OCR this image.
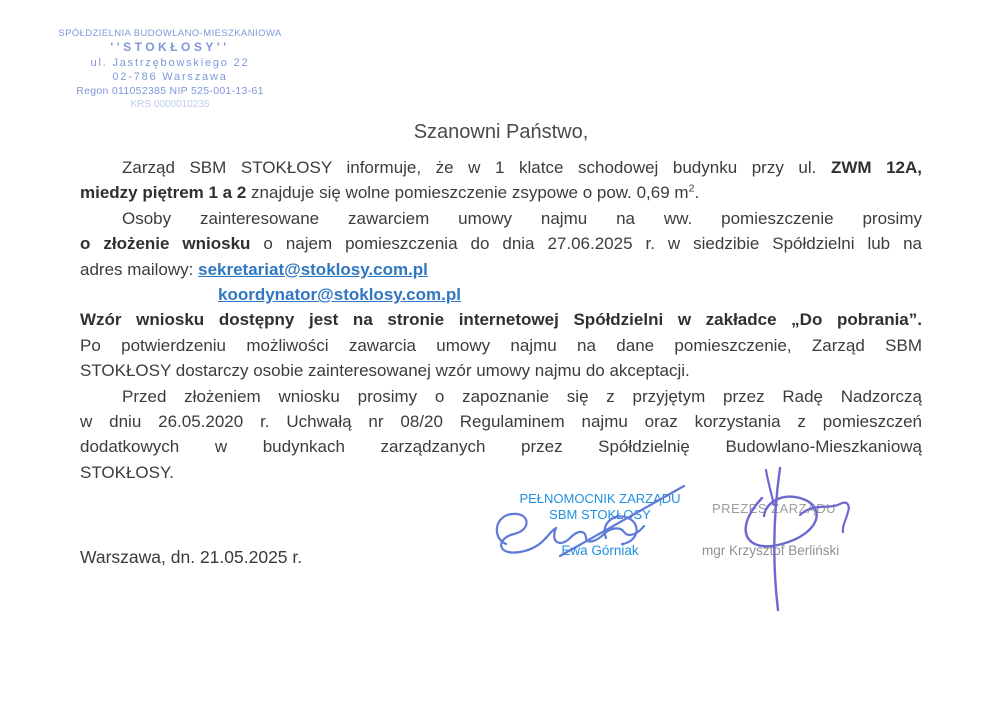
SPÓŁDZIELNIA BUDOWLANO-MIESZKANIOWA
''STOKŁOSY''
ul. Jastrzębowskiego 22
02-786 Warszawa
Regon 011052385 NIP 525-001-13-61
KRS 0000010235
Szanowni Państwo,
Zarząd SBM STOKŁOSY informuje, że w 1 klatce schodowej budynku przy ul. ZWM 12A,
miedzy piętrem 1 a 2 znajduje się wolne pomieszczenie zsypowe o pow. 0,69 $m^2$.
Osoby zainteresowane zawarciem umowy najmu na ww. pomieszczenie prosimy
o złożenie wniosku o najem pomieszczenia do dnia 27.06.2025 r. w siedzibie Spółdzielni lub na
adres mailowy: sekretariat@stoklosy.com.pl
koordynator@stoklosy.com.pl
Wzór wniosku dostępny jest na stronie internetowej Spółdzielni w zakładce „Do pobrania”.
Po potwierdzeniu możliwości zawarcia umowy najmu na dane pomieszczenie, Zarząd SBM
STOKŁOSY dostarczy osobie zainteresowanej wzór umowy najmu do akceptacji.
Przed złożeniem wniosku prosimy o zapoznanie się z przyjętym przez Radę Nadzorczą
w dniu 26.05.2020 r. Uchwałą nr 08/20 Regulaminem najmu oraz korzystania z pomieszczeń
dodatkowych w budynkach zarządzanych przez Spółdzielnię Budowlano-Mieszkaniową
STOKŁOSY.
PEŁNOMOCNIK ZARZĄDU
SBM STOKŁOSY
Ewa Górniak
PREZES ZARZĄDU
mgr Krzysztof Berliński
Warszawa, dn. 21.05.2025 r.
